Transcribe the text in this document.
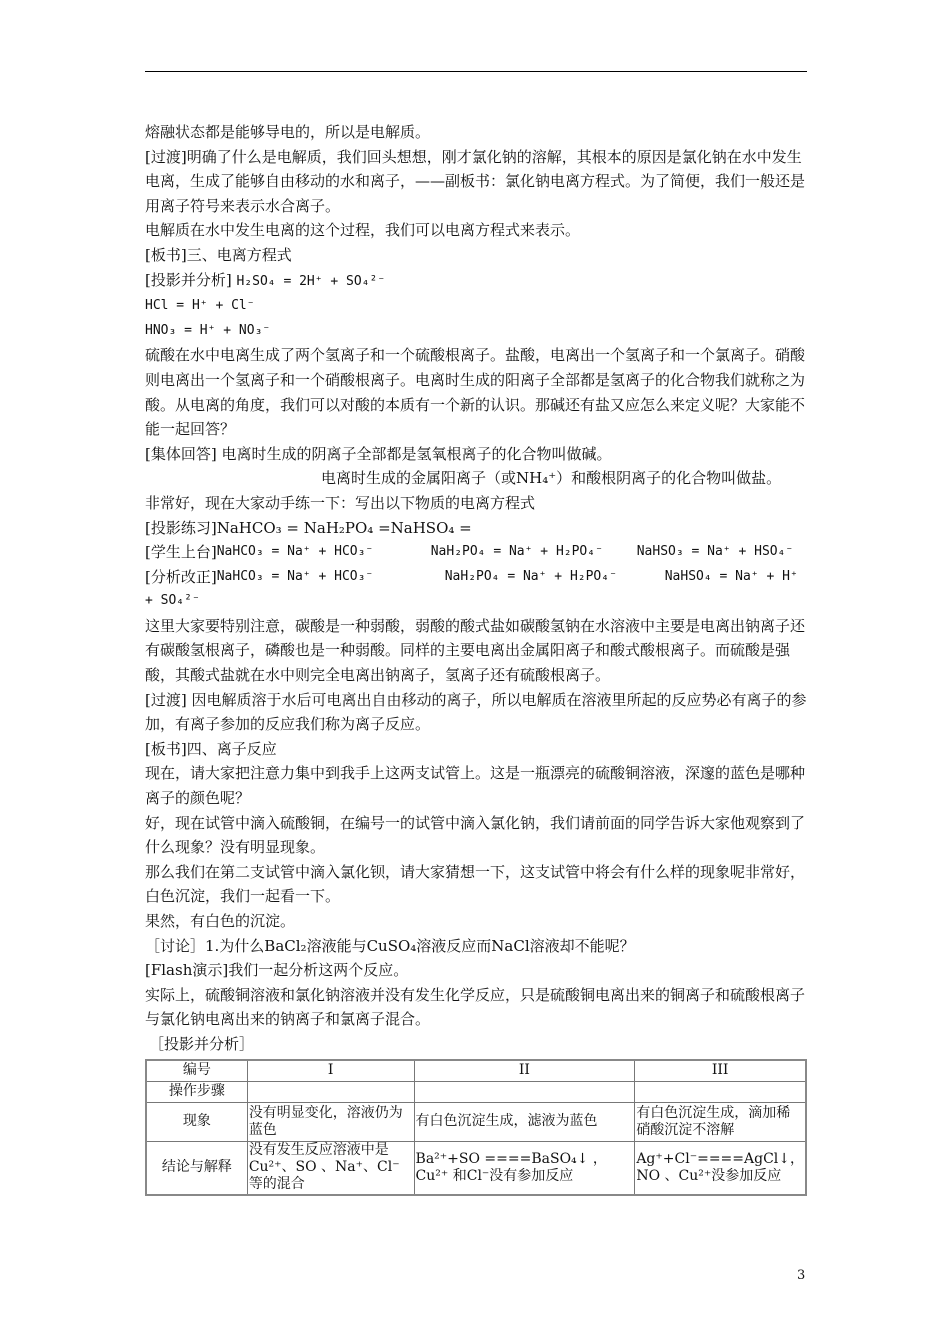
熔融状态都是能够导电的，所以是电解质。

[过渡]明确了什么是电解质，我们回头想想，刚才氯化钠的溶解，其根本的原因是氯化钠在水中发生电离，生成了能够自由移动的水和离子，——副板书：氯化钠电离方程式。为了简便，我们一般还是用离子符号来表示水合离子。

电解质在水中发生电离的这个过程，我们可以电离方程式来表示。

[板书]三、电离方程式

[投影并分析] H₂SO₄ = 2H⁺ + SO₄²⁻

HCl = H⁺ + Cl⁻

HNO₃ = H⁺ + NO₃⁻

硫酸在水中电离生成了两个氢离子和一个硫酸根离子。盐酸，电离出一个氢离子和一个氯离子。硝酸则电离出一个氢离子和一个硝酸根离子。电离时生成的阳离子全部都是氢离子的化合物我们就称之为酸。从电离的角度，我们可以对酸的本质有一个新的认识。那碱还有盐又应怎么来定义呢？大家能不能一起回答？

[集体回答] 电离时生成的阴离子全部都是氢氧根离子的化合物叫做碱。

电离时生成的金属阳离子（或NH₄⁺）和酸根阴离子的化合物叫做盐。

非常好，现在大家动手练一下：写出以下物质的电离方程式

[投影练习]NaHCO₃ = NaH₂PO₄ =NaHSO₄ =

[学生上台] NaHCO₃ = Na⁺ + HCO₃⁻	NaH₂PO₄ = Na⁺ + H₂PO₄⁻	NaHSO₃ = Na⁺ + HSO₄⁻

[分析改正] NaHCO₃ = Na⁺ + HCO₃⁻	NaH₂PO₄ = Na⁺ + H₂PO₄⁻	NaHSO₄ = Na⁺ + H⁺

+ SO₄²⁻

这里大家要特别注意，碳酸是一种弱酸，弱酸的酸式盐如碳酸氢钠在水溶液中主要是电离出钠离子还有碳酸氢根离子，磷酸也是一种弱酸。同样的主要电离出金属阳离子和酸式酸根离子。而硫酸是强酸，其酸式盐就在水中则完全电离出钠离子，氢离子还有硫酸根离子。

[过渡] 因电解质溶于水后可电离出自由移动的离子，所以电解质在溶液里所起的反应势必有离子的参加，有离子参加的反应我们称为离子反应。

[板书]四、离子反应

现在，请大家把注意力集中到我手上这两支试管上。这是一瓶漂亮的硫酸铜溶液，深邃的蓝色是哪种离子的颜色呢？

好，现在试管中滴入硫酸铜，在编号一的试管中滴入氯化钠，我们请前面的同学告诉大家他观察到了什么现象？没有明显现象。

那么我们在第二支试管中滴入氯化钡，请大家猜想一下，这支试管中将会有什么样的现象呢非常好，白色沉淀，我们一起看一下。

果然，有白色的沉淀。

［讨论］1.为什么BaCl₂溶液能与CuSO₄溶液反应而NaCl溶液却不能呢？

[Flash演示]我们一起分析这两个反应。

实际上，硫酸铜溶液和氯化钠溶液并没有发生化学反应，只是硫酸铜电离出来的铜离子和硫酸根离子与氯化钠电离出来的钠离子和氯离子混合。

［投影并分析］

编号	I	II	III
操作步骤			
现象	没有明显变化，溶液仍为蓝色	有白色沉淀生成，滤液为蓝色	有白色沉淀生成，滴加稀硝酸沉淀不溶解
结论与解释	没有发生反应溶液中是Cu²⁺、SO 、Na⁺、Cl⁻等的混合	Ba²⁺+SO ====BaSO₄↓ ， Cu²⁺ 和Cl⁻没有参加反应	Ag⁺+Cl⁻====AgCl↓，NO 、Cu²⁺没参加反应
3
